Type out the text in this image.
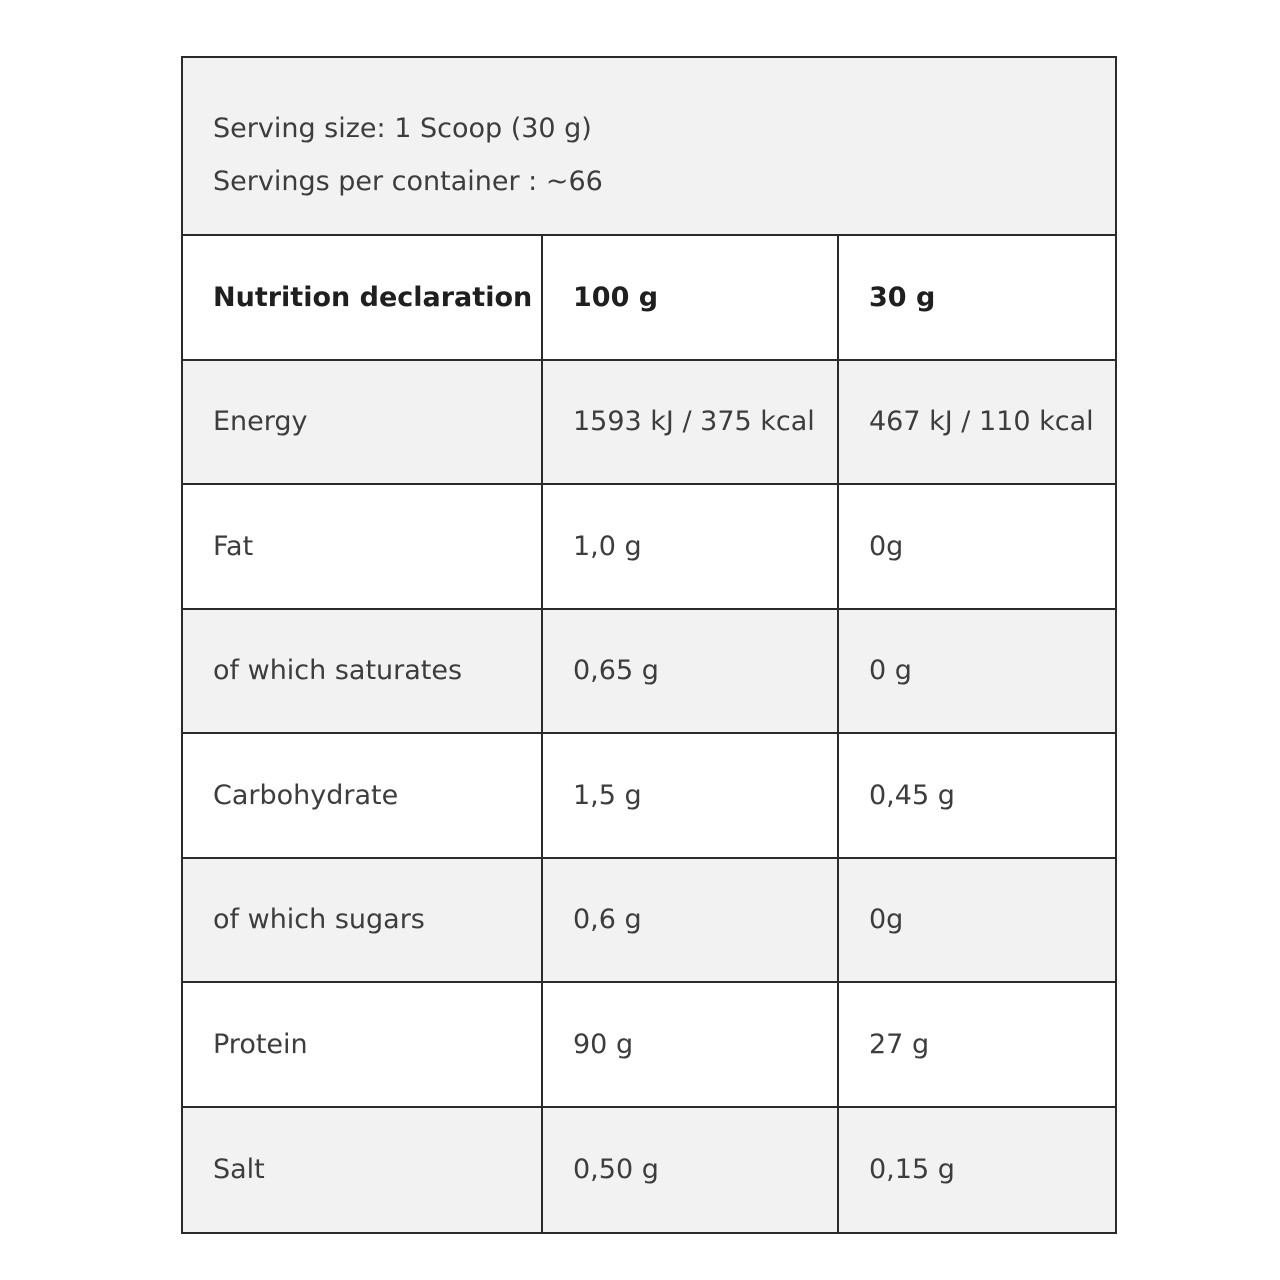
Serving size: 1 Scoop (30 g)
Servings per container : ~66
Nutrition declaration	100 g	30 g
Energy	1593 kJ / 375 kcal	467 kJ / 110 kcal
Fat	1,0 g	0g
of which saturates	0,65 g	0 g
Carbohydrate	1,5 g	0,45 g
of which sugars	0,6 g	0g
Protein	90 g	27 g
Salt	0,50 g	0,15 g
